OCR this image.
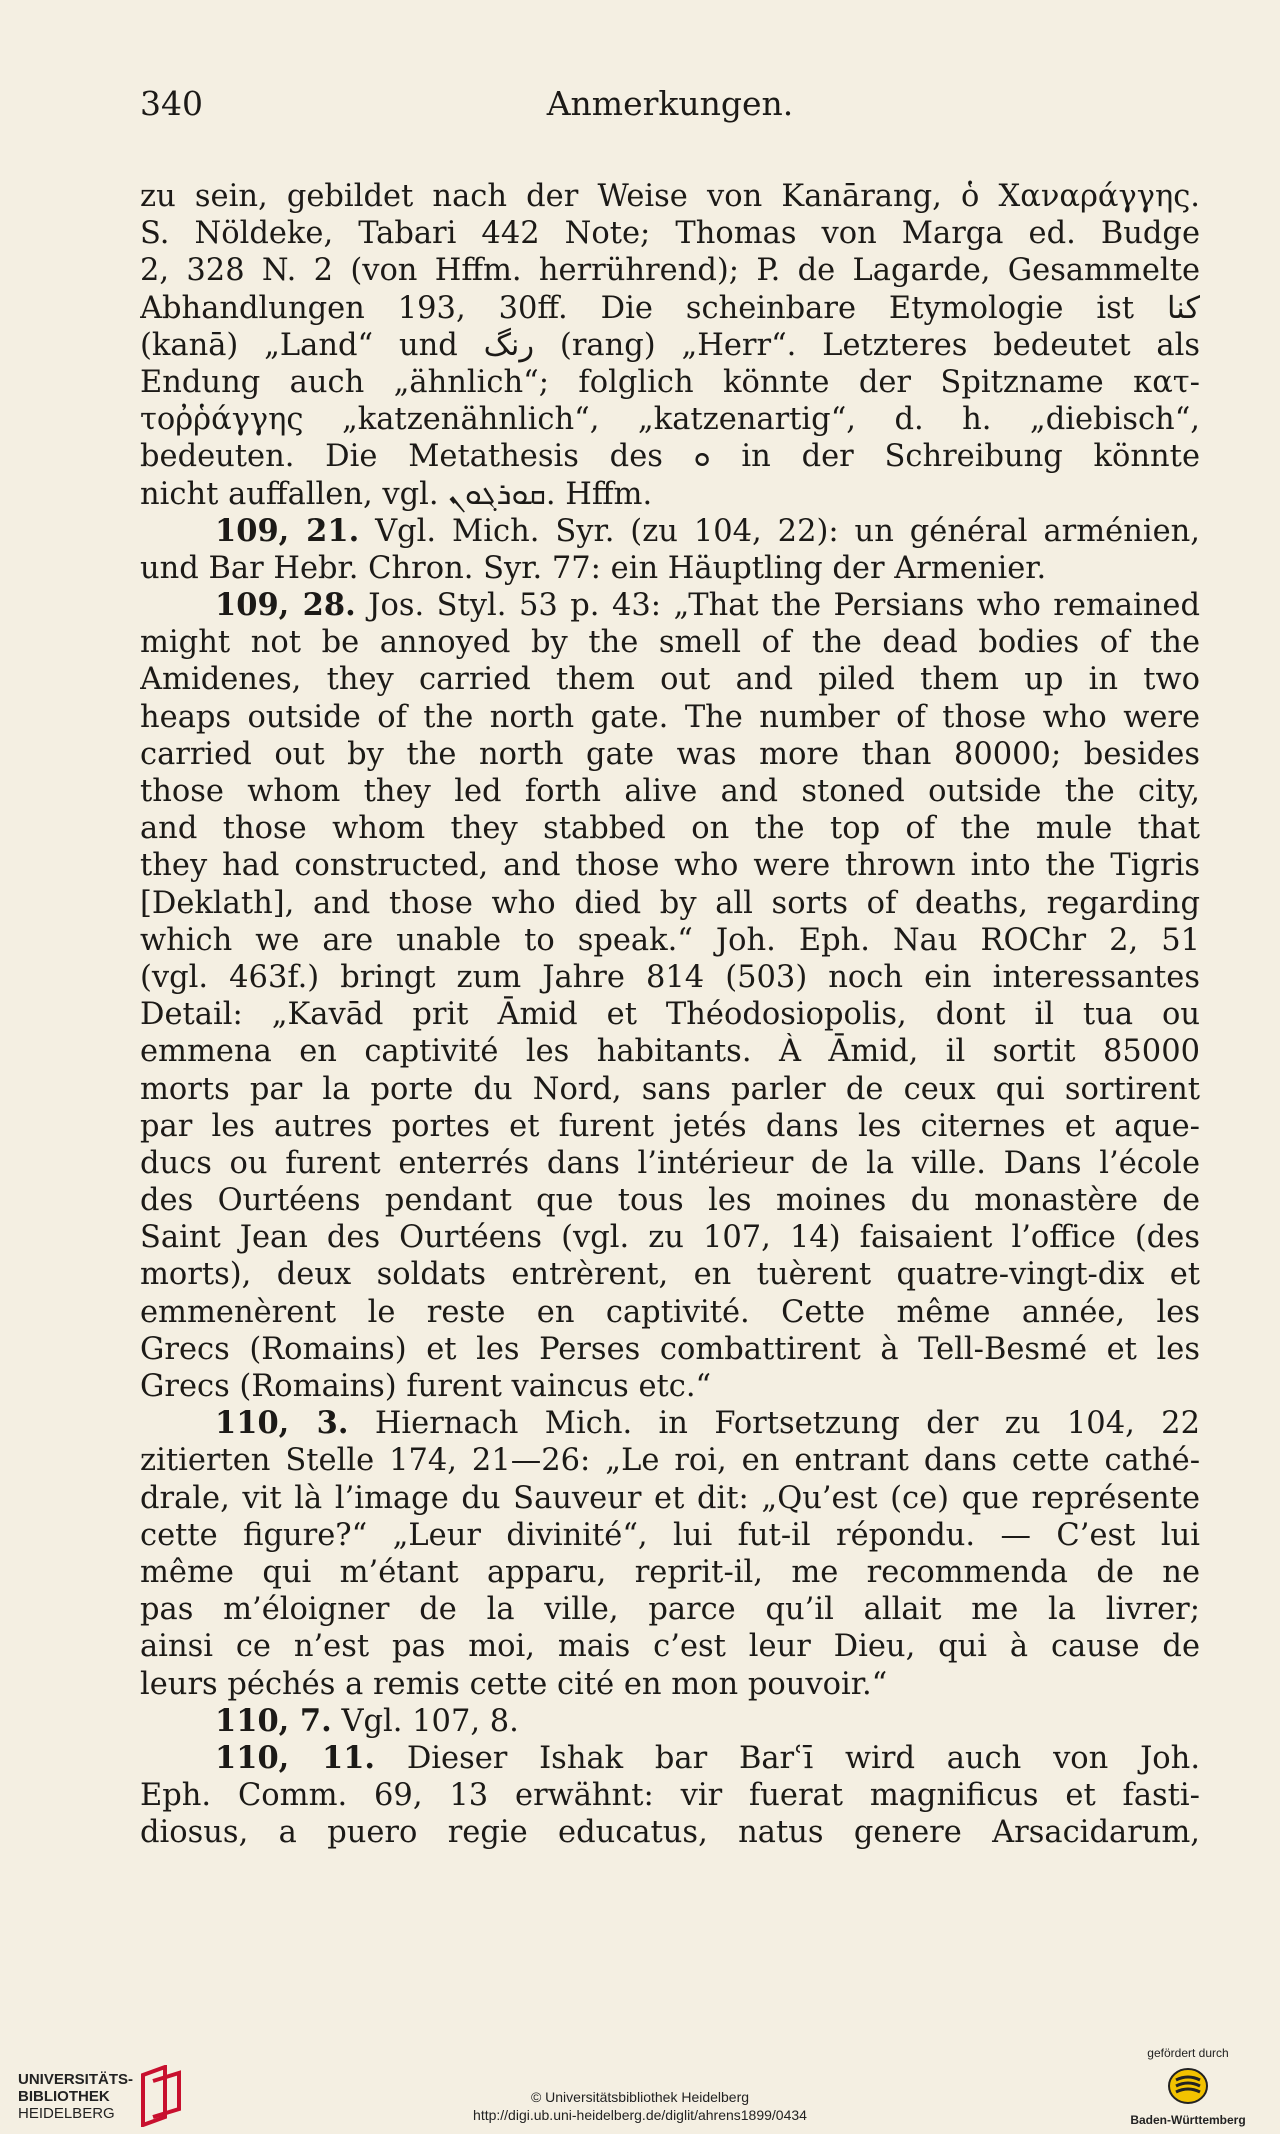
340	Anmerkungen.
zu sein, gebildet nach der Weise von Kanārang, ὁ Χαναράγγης.
S. Nöldeke, Tabari 442 Note; Thomas von Marga ed. Budge
2, 328 N. 2 (von Hffm. herrührend); P. de Lagarde, Gesammelte
Abhandlungen 193, 30ff. Die scheinbare Etymologie ist کنا
(kanā) „Land“ und رنگ (rang) „Herr“. Letzteres bedeutet als
Endung auch „ähnlich“; folglich könnte der Spitzname κατ-
τοῤῥάγγης „katzenähnlich“, „katzenartig“, d. h. „diebisch“,
bedeuten. Die Metathesis des ܘ in der Schreibung könnte
nicht auffallen, vgl. ܩܘܪܓܘܢ. Hffm.
109, 21. Vgl. Mich. Syr. (zu 104, 22): un général arménien,
und Bar Hebr. Chron. Syr. 77: ein Häuptling der Armenier.
109, 28. Jos. Styl. 53 p. 43: „That the Persians who remained
might not be annoyed by the smell of the dead bodies of the
Amidenes, they carried them out and piled them up in two
heaps outside of the north gate. The number of those who were
carried out by the north gate was more than 80000; besides
those whom they led forth alive and stoned outside the city,
and those whom they stabbed on the top of the mule that
they had constructed, and those who were thrown into the Tigris
[Deklath], and those who died by all sorts of deaths, regarding
which we are unable to speak.“ Joh. Eph. Nau ROChr 2, 51
(vgl. 463f.) bringt zum Jahre 814 (503) noch ein interessantes
Detail: „Kavād prit Āmid et Théodosiopolis, dont il tua ou
emmena en captivité les habitants. À Āmid, il sortit 85000
morts par la porte du Nord, sans parler de ceux qui sortirent
par les autres portes et furent jetés dans les citernes et aque-
ducs ou furent enterrés dans l’intérieur de la ville. Dans l’école
des Ourtéens pendant que tous les moines du monastère de
Saint Jean des Ourtéens (vgl. zu 107, 14) faisaient l’office (des
morts), deux soldats entrèrent, en tuèrent quatre-vingt-dix et
emmenèrent le reste en captivité. Cette même année, les
Grecs (Romains) et les Perses combattirent à Tell-Besmé et les
Grecs (Romains) furent vaincus etc.“
110, 3. Hiernach Mich. in Fortsetzung der zu 104, 22
zitierten Stelle 174, 21—26: „Le roi, en entrant dans cette cathé-
drale, vit là l’image du Sauveur et dit: „Qu’est (ce) que représente
cette figure?“ „Leur divinité“, lui fut-il répondu. — C’est lui
même qui m’étant apparu, reprit-il, me recommenda de ne
pas m’éloigner de la ville, parce qu’il allait me la livrer;
ainsi ce n’est pas moi, mais c’est leur Dieu, qui à cause de
leurs péchés a remis cette cité en mon pouvoir.“
110, 7. Vgl. 107, 8.
110, 11. Dieser Ishak bar Barʿī wird auch von Joh.
Eph. Comm. 69, 13 erwähnt: vir fuerat magnificus et fasti-
diosus, a puero regie educatus, natus genere Arsacidarum,
UNIVERSITÄTS-
BIBLIOTHEK
HEIDELBERG
© Universitätsbibliothek Heidelberg
http://digi.ub.uni-heidelberg.de/diglit/ahrens1899/0434
gefördert durch
Baden-Württemberg
